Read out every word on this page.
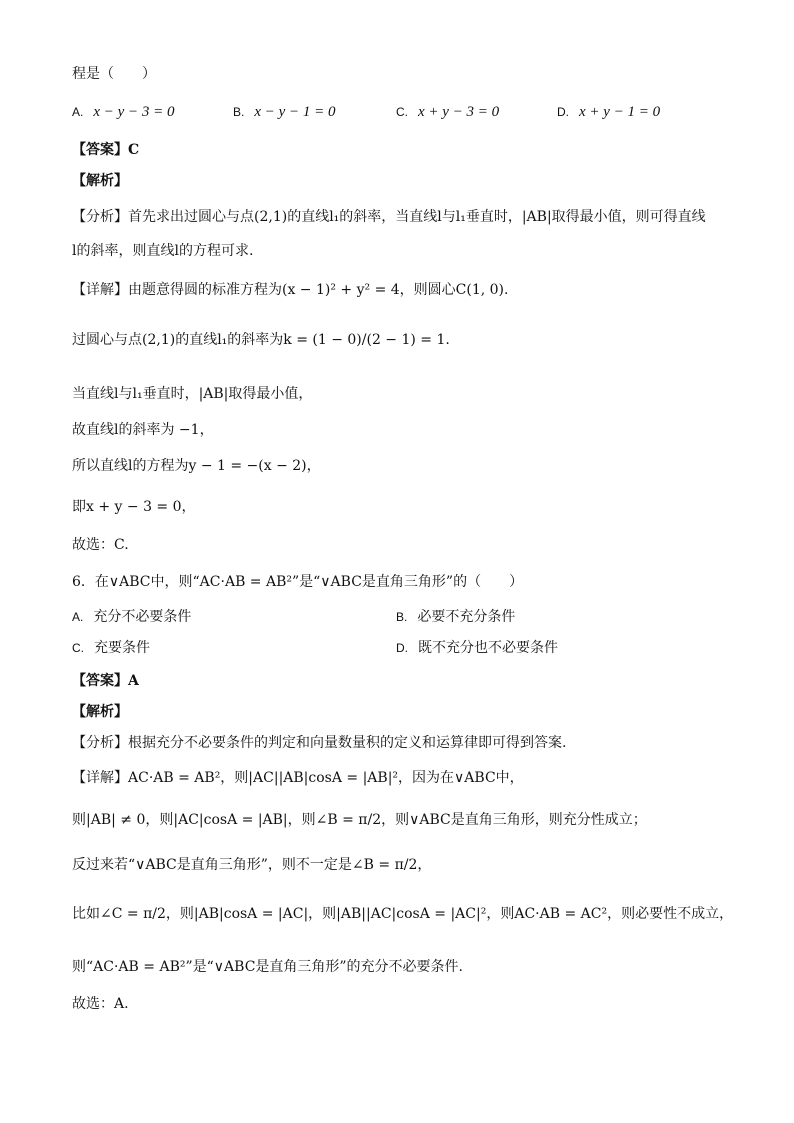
程是（　　）
A. x − y − 3 = 0	B. x − y − 1 = 0	C. x + y − 3 = 0	D. x + y − 1 = 0
【答案】C
【解析】
【分析】首先求出过圆心与点(2,1)的直线l₁的斜率，当直线l与l₁垂直时，|AB|取得最小值，则可得直线
l的斜率，则直线l的方程可求.
【详解】由题意得圆的标准方程为(x − 1)² + y² = 4，则圆心C(1, 0).
过圆心与点(2,1)的直线l₁的斜率为k = (1 − 0)/(2 − 1) = 1.
当直线l与l₁垂直时，|AB|取得最小值，
故直线l的斜率为 −1，
所以直线l的方程为y − 1 = −(x − 2)，
即x + y − 3 = 0，
故选：C.
6．在∨ABC中，则“AC·AB = AB²”是“∨ABC是直角三角形”的（　　）
A. 充分不必要条件	B. 必要不充分条件
C. 充要条件	D. 既不充分也不必要条件
【答案】A
【解析】
【分析】根据充分不必要条件的判定和向量数量积的定义和运算律即可得到答案.
【详解】AC·AB = AB²，则|AC||AB|cosA = |AB|²，因为在∨ABC中，
则|AB| ≠ 0，则|AC|cosA = |AB|，则∠B = π/2，则∨ABC是直角三角形，则充分性成立；
反过来若“∨ABC是直角三角形”，则不一定是∠B = π/2，
比如∠C = π/2，则|AB|cosA = |AC|，则|AB||AC|cosA = |AC|²，则AC·AB = AC²，则必要性不成立，
则“AC·AB = AB²”是“∨ABC是直角三角形”的充分不必要条件.
故选：A.
